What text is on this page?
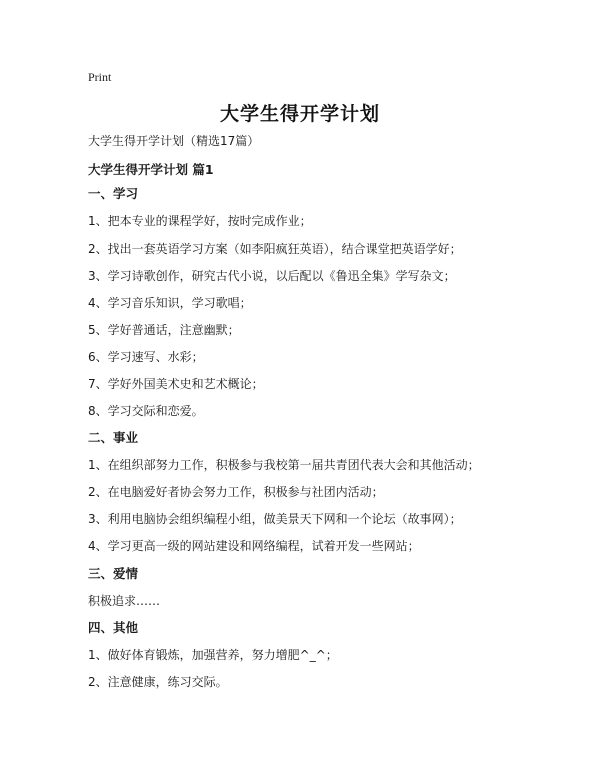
Print
大学生得开学计划
大学生得开学计划（精选17篇）
大学生得开学计划 篇1
一、学习
1、把本专业的课程学好，按时完成作业；
2、找出一套英语学习方案（如李阳疯狂英语），结合课堂把英语学好；
3、学习诗歌创作，研究古代小说，以后配以《鲁迅全集》学写杂文；
4、学习音乐知识，学习歌唱；
5、学好普通话，注意幽默；
6、学习速写、水彩；
7、学好外国美术史和艺术概论；
8、学习交际和恋爱。
二、事业
1、在组织部努力工作，积极参与我校第一届共青团代表大会和其他活动；
2、在电脑爱好者协会努力工作，积极参与社团内活动；
3、利用电脑协会组织编程小组，做美景天下网和一个论坛（故事网）；
4、学习更高一级的网站建设和网络编程，试着开发一些网站；
三、爱情
积极追求……
四、其他
1、做好体育锻炼，加强营养，努力增肥^_^；
2、注意健康，练习交际。
